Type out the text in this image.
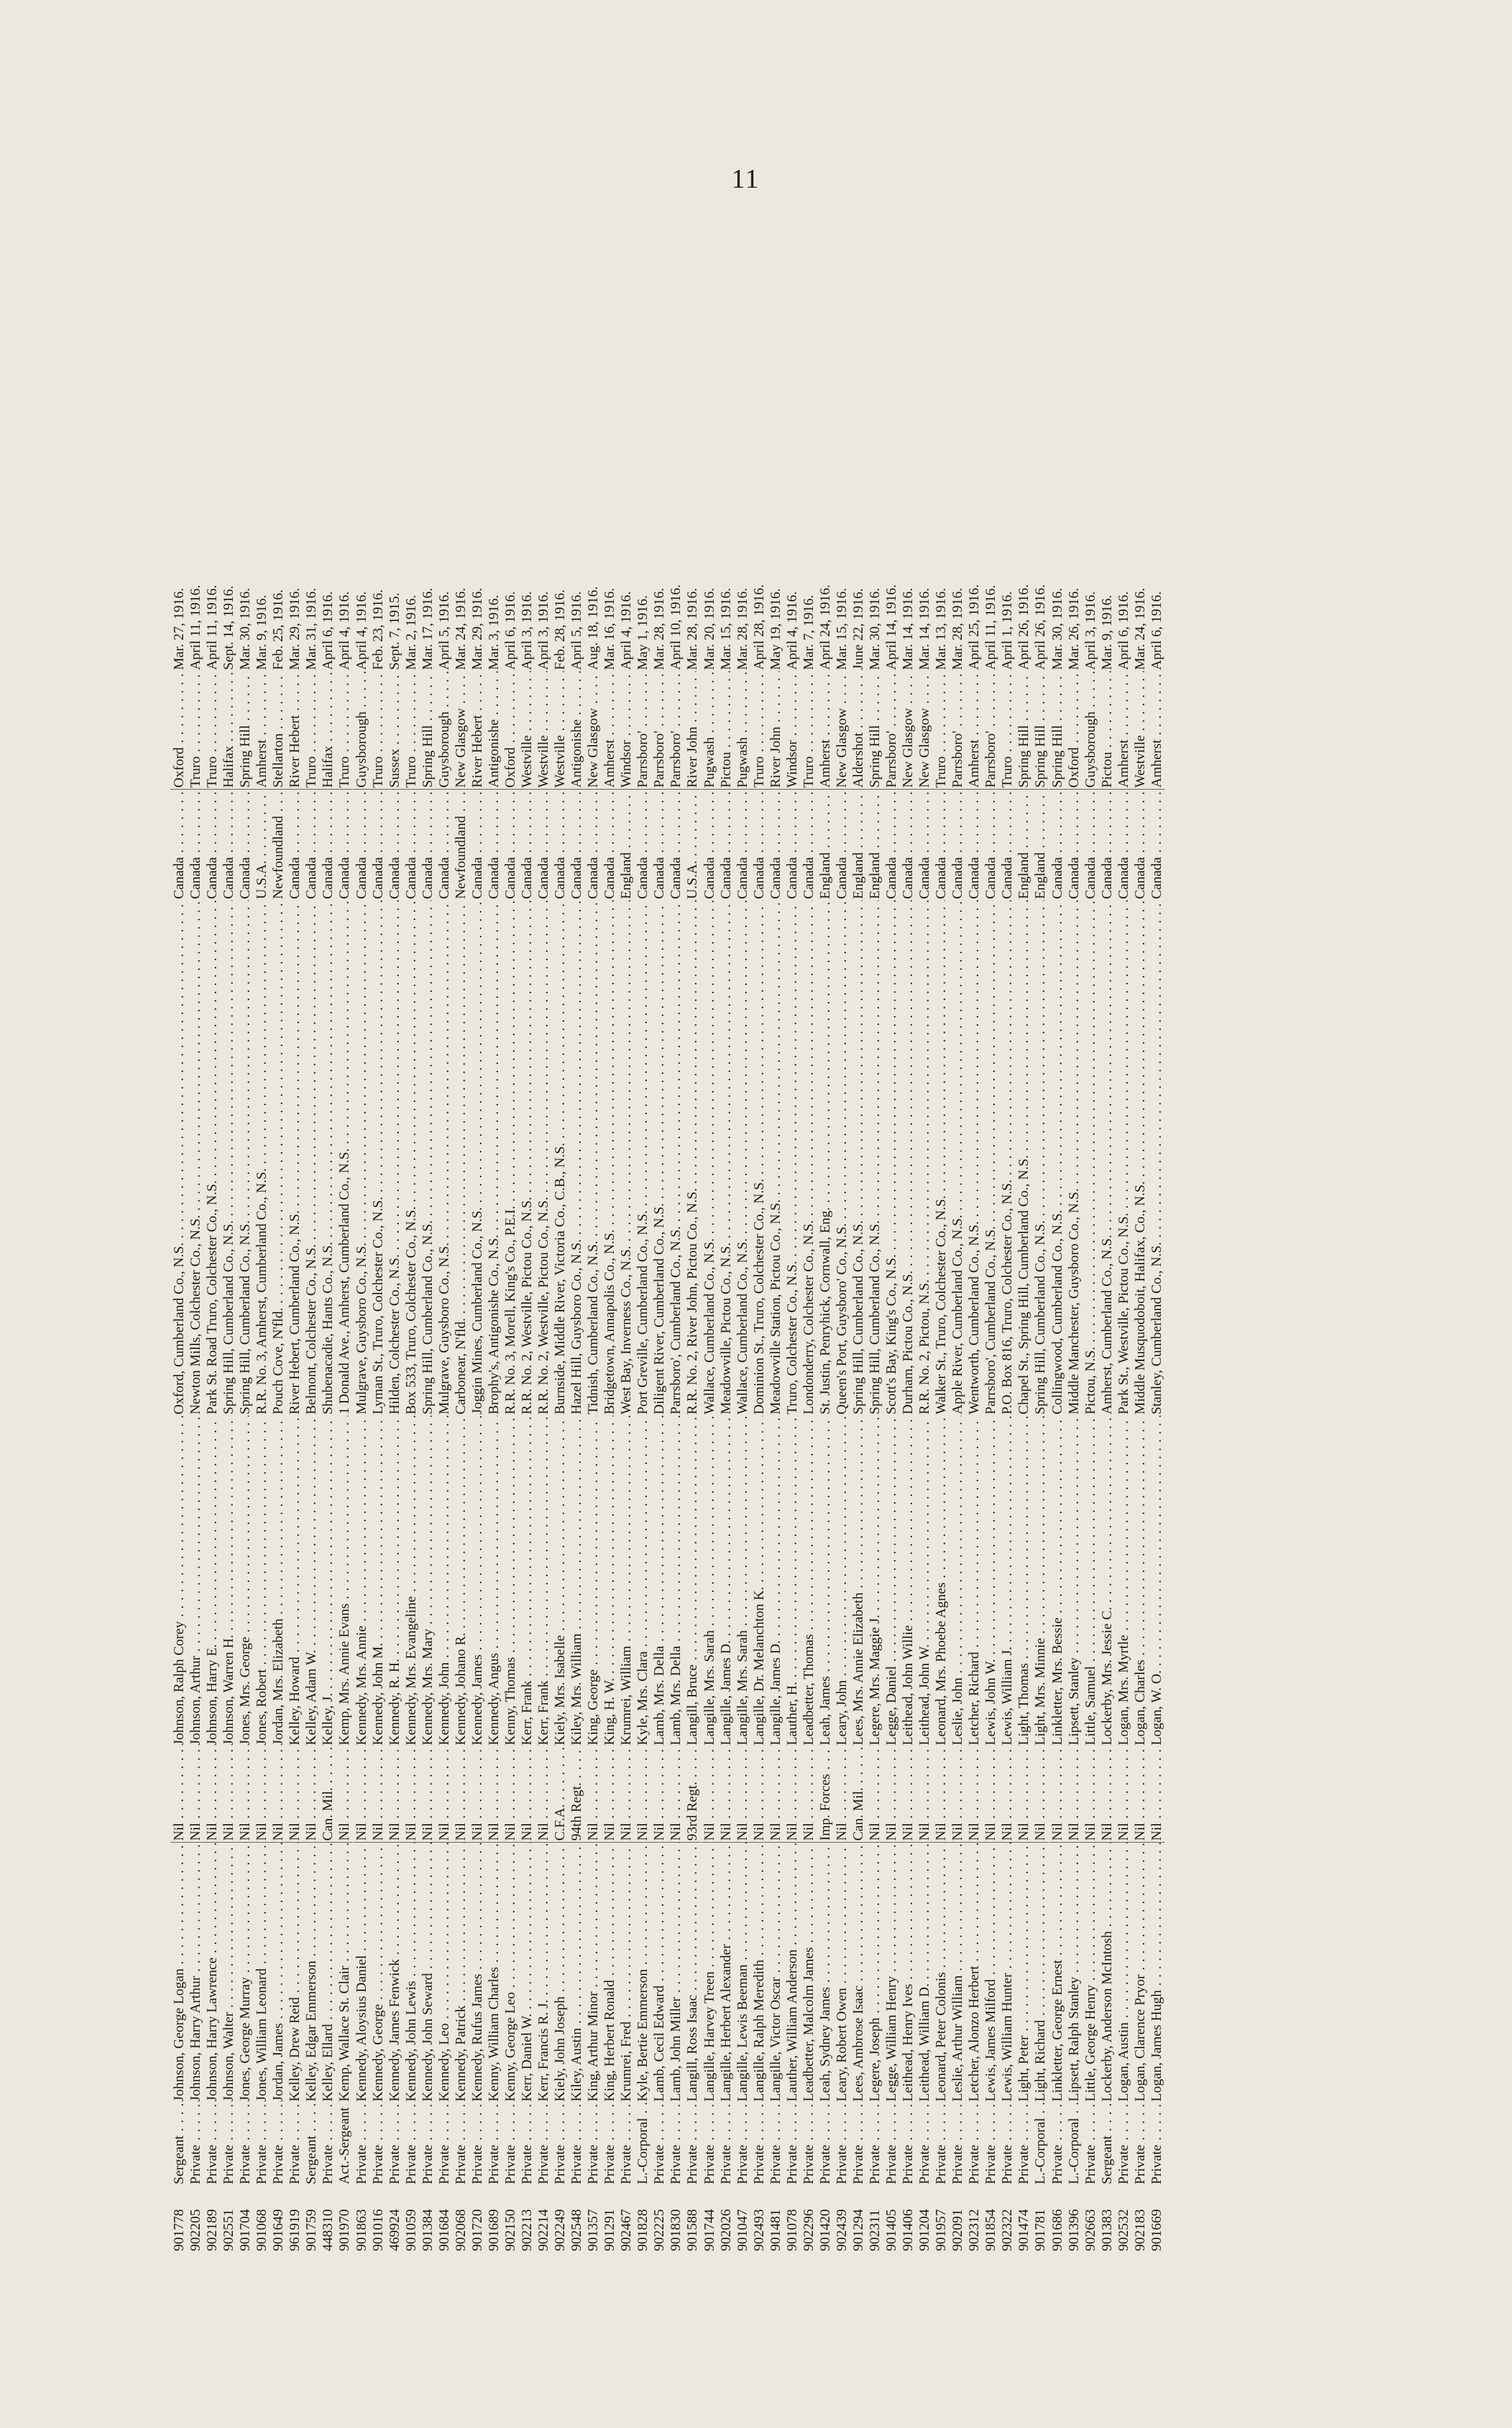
11
901778
Sergeant . . .
Johnson, George Logan . . .
Nil . . .
Johnson, Ralph Corey . . .
Oxford, Cumberland Co., N.S. . . .
Canada . . .
Oxford . . .
Mar. 27, 1916.
902205
Private . . .
Johnson, Harry Arthur . . .
Nil . . .
Johnson, Arthur . . .
Newton Mills, Colchester Co., N.S. . . .
Canada . . .
Truro . . .
April 11, 1916.
902189
Private . . .
Johnson, Harry Lawrence . . .
Nil . . .
Johnson, Harry E. . . .
Park St. Road Truro, Colchester Co., N.S. . . .
Canada . . .
Truro . . .
April 11, 1916.
902551
Private . . .
Johnson, Walter . . .
Nil . . .
Johnson, Warren H. . . .
Spring Hill, Cumberland Co., N.S. . . .
Canada . . .
Halifax . . .
Sept. 14, 1916.
901704
Private . . .
Jones, George Murray . . .
Nil . . .
Jones, Mrs. George . . .
Spring Hill, Cumberland Co., N.S. . . .
Canada . . .
Spring Hill . . .
Mar. 30, 1916.
901068
Private . . .
Jones, William Leonard . . .
Nil . . .
Jones, Robert . . .
R.R. No. 3, Amherst, Cumberland Co., N.S. . . .
U.S.A. . . .
Amherst . . .
Mar. 9, 1916.
901649
Private . . .
Jordan, James . . .
Nil . . .
Jordan, Mrs. Elizabeth . . .
Pouch Cove, N'fld. . . .
Newfoundland . . .
Stellarton . . .
Feb. 25, 1916.
961919
Private . . .
Kelley, Drew Reid . . .
Nil . . .
Kelley, Howard . . .
River Hebert, Cumberland Co., N.S. . . .
Canada . . .
River Hebert . . .
Mar. 29, 1916.
901759
Sergeant . . .
Kelley, Edgar Emmerson . . .
Nil . . .
Kelley, Adam W. . . .
Belmont, Colchester Co., N.S. . . .
Canada . . .
Truro . . .
Mar. 31, 1916.
448310
Private . . .
Kelley, Ellard . . .
Can. Mil. . . .
Kelley, J. . . .
Shubenacadie, Hants Co., N.S. . . .
Canada . . .
Halifax . . .
April 6, 1916.
901970
Act.-Sergeant . . .
Kemp, Wallace St. Clair . . .
Nil . . .
Kemp, Mrs. Annie Evans . . .
1 Donald Ave., Amherst, Cumberland Co., N.S. . . .
Canada . . .
Truro . . .
April 4, 1916.
901863
Private . . .
Kennedy, Aloysius Daniel . . .
Nil . . .
Kennedy, Mrs. Annie . . .
Mulgrave, Guysboro Co., N.S. . . .
Canada . . .
Guysborough . . .
April 4, 1916.
901016
Private . . .
Kennedy, George . . .
Nil . . .
Kennedy, John M. . . .
Lyman St., Truro, Colchester Co., N.S. . . .
Canada . . .
Truro . . .
Feb. 23, 1916.
469924
Private . . .
Kennedy, James Fenwick . . .
Nil . . .
Kennedy, R. H. . . .
Hilden, Colchester Co., N.S. . . .
Canada . . .
Sussex . . .
Sept. 7, 1915.
901059
Private . . .
Kennedy, John Lewis . . .
Nil . . .
Kennedy, Mrs. Evangeline . . .
Box 533, Truro, Colchester Co., N.S. . . .
Canada . . .
Truro . . .
Mar. 2, 1916.
901384
Private . . .
Kennedy, John Seward . . .
Nil . . .
Kennedy, Mrs. Mary . . .
Spring Hill, Cumberland Co., N.S. . . .
Canada . . .
Spring Hill . . .
Mar. 17, 1916.
901684
Private . . .
Kennedy, Leo . . .
Nil . . .
Kennedy, John . . .
Mulgrave, Guysboro Co., N.S. . . .
Canada . . .
Guysborough . . .
April 5, 1916.
902068
Private . . .
Kennedy, Patrick . . .
Nil . . .
Kennedy, Johano R. . . .
Carbonear, N'fld. . . .
Newfoundland . . .
New Glasgow . . .
Mar. 24, 1916.
901720
Private . . .
Kennedy, Rufus James . . .
Nil . . .
Kennedy, James . . .
Joggin Mines, Cumberland Co., N.S. . . .
Canada . . .
River Hebert . . .
Mar. 29, 1916.
901689
Private . . .
Kenny, William Charles . . .
Nil . . .
Kennedy, Angus . . .
Brophy's, Antigonishe Co., N.S. . . .
Canada . . .
Antigonishe . . .
Mar. 3, 1916.
902150
Private . . .
Kenny, George Leo . . .
Nil . . .
Kenny, Thomas . . .
R.R. No. 3, Morell, King's Co., P.E.I. . . .
Canada . . .
Oxford . . .
April 6, 1916.
902213
Private . . .
Kerr, Daniel W. . . .
Nil . . .
Kerr, Frank . . .
R.R. No. 2, Westville, Pictou Co., N.S. . . .
Canada . . .
Westville . . .
April 3, 1916.
902214
Private . . .
Kerr, Francis R. J. . . .
Nil . . .
Kerr, Frank . . .
R.R. No. 2, Westville, Pictou Co., N.S. . . .
Canada . . .
Westville . . .
April 3, 1916.
902249
Private . . .
Kiely, John Joseph . . .
C.F.A. . . .
Kiely, Mrs. Isabelle . . .
Burnside, Middle River, Victoria Co., C.B., N.S. . . .
Canada . . .
Westville . . .
Feb. 28, 1916.
902548
Private . . .
Kiley, Austin . . .
94th Regt. . . .
Kiley, Mrs. William . . .
Hazel Hill, Guysboro Co., N.S. . . .
Canada . . .
Antigonishe . . .
April 5, 1916.
901357
Private . . .
King, Arthur Minor . . .
Nil . . .
King, George . . .
Tidnish, Cumberland Co., N.S. . . .
Canada . . .
New Glasgow . . .
Aug. 18, 1916.
901291
Private . . .
King, Herbert Ronald . . .
Nil . . .
King, H. W. . . .
Bridgetown, Annapolis Co., N.S. . . .
Canada . . .
Amherst . . .
Mar. 16, 1916.
902467
Private . . .
Krumrei, Fred . . .
Nil . . .
Krumrei, William . . .
West Bay, Inverness Co., N.S. . . .
England . . .
Windsor . . .
April 4, 1916.
901828
L.-Corporal . . .
Kyle, Bertie Emmerson . . .
Nil . . .
Kyle, Mrs. Clara . . .
Port Greville, Cumberland Co., N.S. . . .
Canada . . .
Parrsboro' . . .
May 1, 1916.
902225
Private . . .
Lamb, Cecil Edward . . .
Nil . . .
Lamb, Mrs. Della . . .
Diligent River, Cumberland Co., N.S. . . .
Canada . . .
Parrsboro' . . .
Mar. 28, 1916.
901830
Private . . .
Lamb, John Miller . . .
Nil . . .
Lamb, Mrs. Della . . .
Parrsboro', Cumberland Co., N.S. . . .
Canada . . .
Parrsboro' . . .
April 10, 1916.
901588
Private . . .
Langill, Ross Isaac . . .
93rd Regt. . . .
Langill, Bruce . . .
R.R. No. 2, River John, Pictou Co., N.S. . . .
U.S.A. . . .
River John . . .
Mar. 28, 1916.
901744
Private . . .
Langille, Harvey Treen . . .
Nil . . .
Langille, Mrs. Sarah . . .
Wallace, Cumberland Co., N.S. . . .
Canada . . .
Pugwash . . .
Mar. 20, 1916.
902026
Private . . .
Langille, Herbert Alexander . . .
Nil . . .
Langille, James D. . . .
Meadowville, Pictou Co., N.S. . . .
Canada . . .
Pictou . . .
Mar. 15, 1916.
901047
Private . . .
Langille, Lewis Beeman . . .
Nil . . .
Langille, Mrs. Sarah . . .
Wallace, Cumberland Co., N.S. . . .
Canada . . .
Pugwash . . .
Mar. 28, 1916.
902493
Private . . .
Langille, Ralph Meredith . . .
Nil . . .
Langille, Dr. Melanchton K. . . .
Dominion St., Truro, Colchester Co., N.S. . . .
Canada . . .
Truro . . .
April 28, 1916.
901481
Private . . .
Langille, Victor Oscar . . .
Nil . . .
Langille, James D. . . .
Meadowville Station, Pictou Co., N.S. . . .
Canada . . .
River John . . .
May 19, 1916.
901078
Private . . .
Lauther, William Anderson . . .
Nil . . .
Lauther, H. . . .
Truro, Colchester Co., N.S. . . .
Canada . . .
Windsor . . .
April 4, 1916.
902296
Private . . .
Leadbetter, Malcolm James . . .
Nil . . .
Leadbetter, Thomas . . .
Londonderry, Colchester Co., N.S. . . .
Canada . . .
Truro . . .
Mar. 7, 1916.
901420
Private . . .
Leah, Sydney James . . .
Imp. Forces . . .
Leah, James . . .
St. Justin, Penryhick, Cornwall, Eng. . . .
England . . .
Amherst . . .
April 24, 1916.
902439
Private . . .
Leary, Robert Owen . . .
Nil . . .
Leary, John . . .
Queen's Port, Guysboro' Co., N.S. . . .
Canada . . .
New Glasgow . . .
Mar. 15, 1916.
901294
Private . . .
Lees, Ambrose Isaac . . .
Can. Mil. . . .
Lees, Mrs. Annie Elizabeth . . .
Spring Hill, Cumberland Co., N.S. . . .
England . . .
Aldershot . . .
June 22, 1916.
902311
Private . . .
Legere, Joseph . . .
Nil . . .
Legere, Mrs. Maggie J. . . .
Spring Hill, Cumberland Co., N.S. . . .
England . . .
Spring Hill . . .
Mar. 30, 1916.
901405
Private . . .
Legge, William Henry . . .
Nil . . .
Legge, Daniel . . .
Scott's Bay, King's Co., N.S. . . .
Canada . . .
Parrsboro' . . .
April 14, 1916.
901406
Private . . .
Leithead, Henry Ives . . .
Nil . . .
Leithead, John Willie . . .
Durham, Pictou Co., N.S. . . .
Canada . . .
New Glasgow . . .
Mar. 14, 1916.
901204
Private . . .
Leithead, William D. . . .
Nil . . .
Leithead, John W. . . .
R.R. No. 2, Pictou, N.S. . . .
Canada . . .
New Glasgow . . .
Mar. 14, 1916.
901957
Private . . .
Leonard, Peter Colonis . . .
Nil . . .
Leonard, Mrs. Phoebe Agnes . . .
Walker St., Truro, Colchester Co., N.S. . . .
Canada . . .
Truro . . .
Mar. 13, 1916.
902091
Private . . .
Leslie, Arthur William . . .
Nil . . .
Leslie, John . . .
Apple River, Cumberland Co., N.S. . . .
Canada . . .
Parrsboro' . . .
Mar. 28, 1916.
902312
Private . . .
Letcher, Alonzo Herbert . . .
Nil . . .
Letcher, Richard . . .
Wentworth, Cumberland Co., N.S. . . .
Canada . . .
Amherst . . .
April 25, 1916.
901854
Private . . .
Lewis, James Milford . . .
Nil . . .
Lewis, John W. . . .
Parrsboro', Cumberland Co., N.S. . . .
Canada . . .
Parrsboro' . . .
April 11, 1916.
902322
Private . . .
Lewis, William Hunter . . .
Nil . . .
Lewis, William J. . . .
P.O. Box 816, Truro, Colchester Co., N.S. . . .
Canada . . .
Truro . . .
April 1, 1916.
901474
Private . . .
Light, Peter . . .
Nil . . .
Light, Thomas . . .
Chapel St., Spring Hill, Cumberland Co., N.S. . . .
England . . .
Spring Hill . . .
April 26, 1916.
901781
L.-Corporal . . .
Light, Richard . . .
Nil . . .
Light, Mrs. Minnie . . .
Spring Hill, Cumberland Co., N.S. . . .
England . . .
Spring Hill . . .
April 26, 1916.
901686
Private . . .
Linkletter, George Ernest . . .
Nil . . .
Linkletter, Mrs. Bessie . . .
Collingwood, Cumberland Co., N.S. . . .
Canada . . .
Spring Hill . . .
Mar. 30, 1916.
901396
L.-Corporal . . .
Lipsett, Ralph Stanley . . .
Nil . . .
Lipsett, Stanley . . .
Middle Manchester, Guysboro Co., N.S. . . .
Canada . . .
Oxford . . .
Mar. 26, 1916.
902663
Private . . .
Little, George Henry . . .
Nil . . .
Little, Samuel . . .
Pictou, N.S. . . .
Canada . . .
Guysborough . . .
April 3, 1916.
901383
Sergeant . . .
Lockerby, Anderson McIntosh . . .
Nil . . .
Lockerby, Mrs. Jessie C. . . .
Amherst, Cumberland Co., N.S. . . .
Canada . . .
Pictou . . .
Mar. 9, 1916.
902532
Private . . .
Logan, Austin . . .
Nil . . .
Logan, Mrs. Myrtle . . .
Park St., Westville, Pictou Co., N.S. . . .
Canada . . .
Amherst . . .
April 6, 1916.
902183
Private . . .
Logan, Clarence Pryor . . .
Nil . . .
Logan, Charles . . .
Middle Musquodoboit, Halifax, Co., N.S. . . .
Canada . . .
Westville . . .
Mar. 24, 1916.
901669
Private . . .
Logan, James Hugh . . .
Nil . . .
Logan, W. O. . . .
Stanley, Cumberland Co., N.S. . . .
Canada . . .
Amherst . . .
April 6, 1916.
